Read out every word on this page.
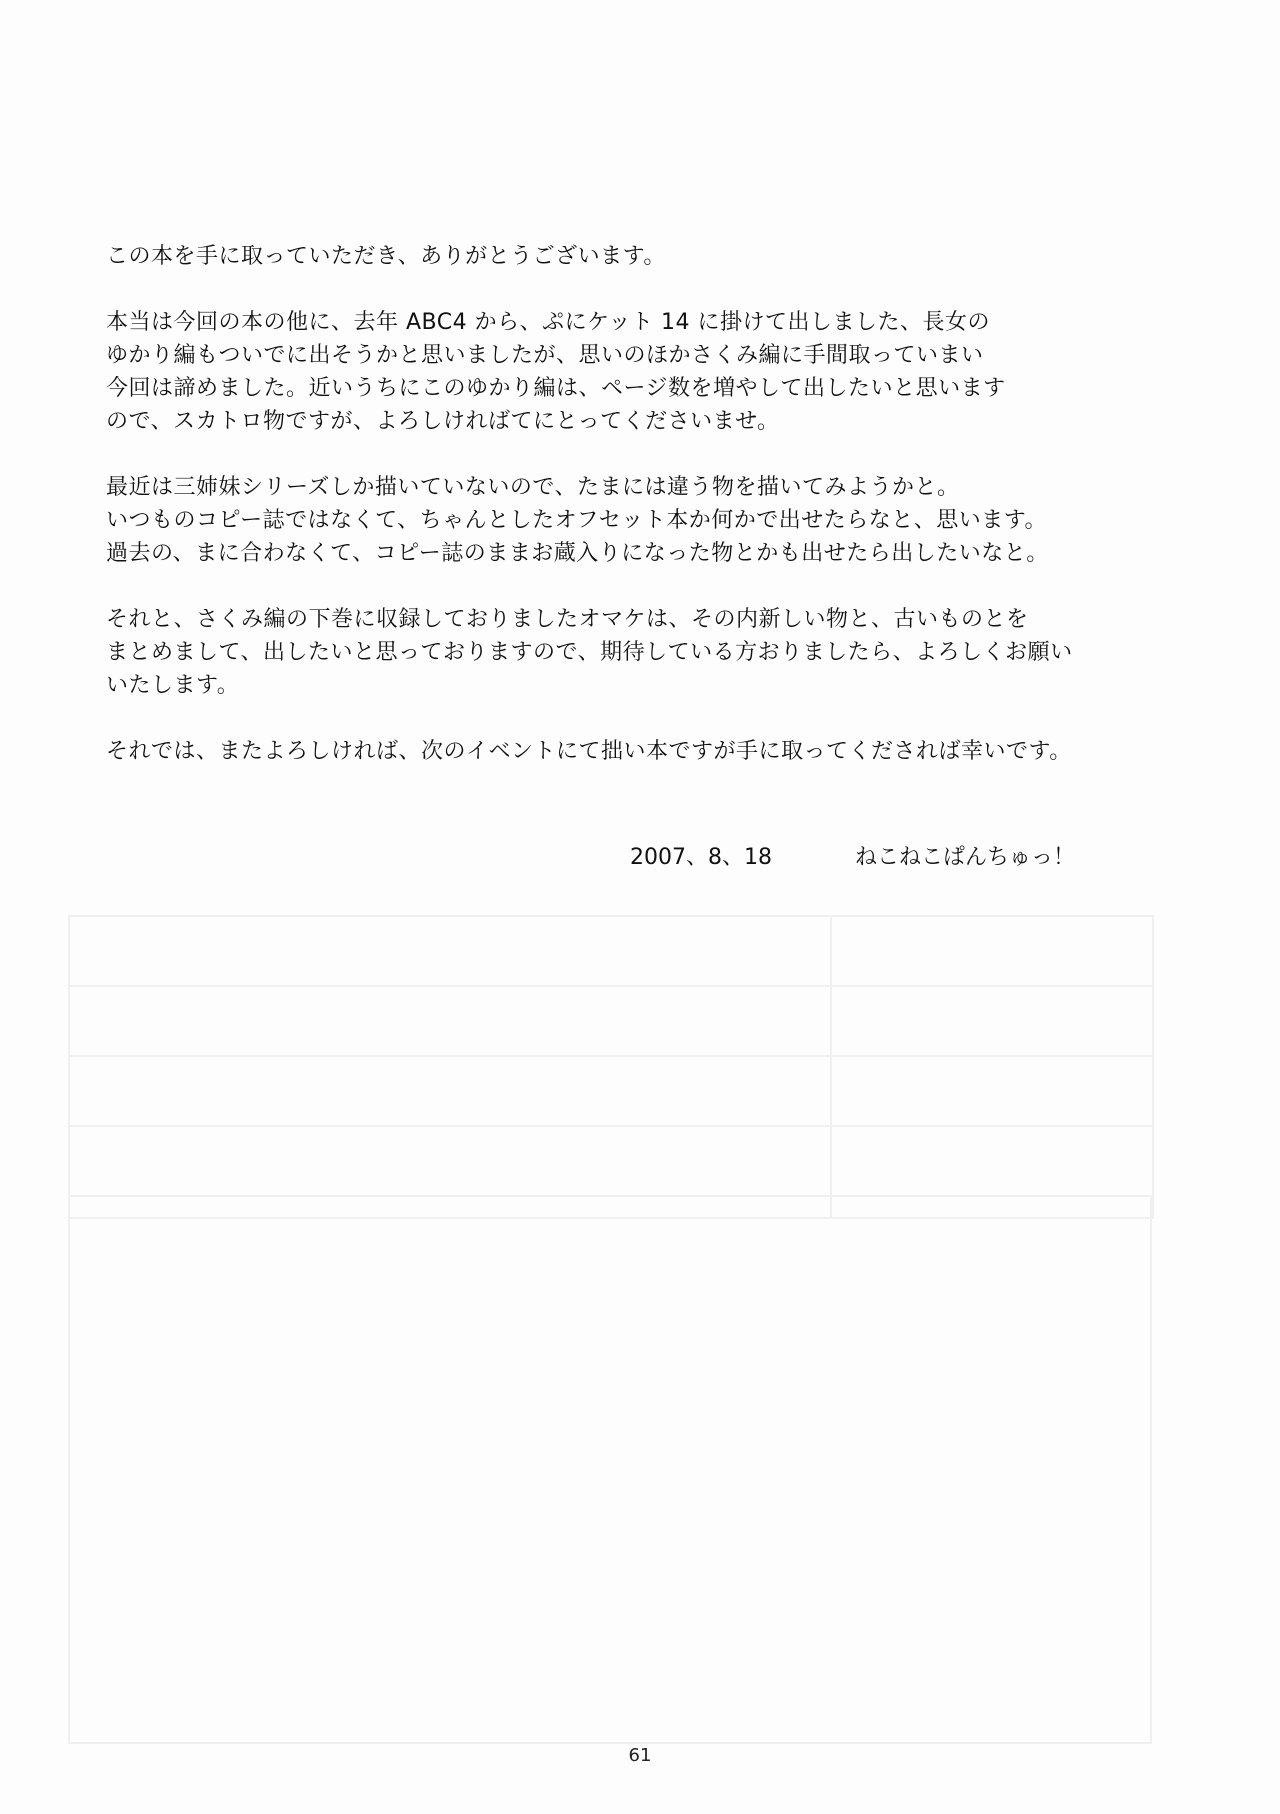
この本を手に取っていただき、ありがとうございます。
本当は今回の本の他に、去年 ABC4 から、ぷにケット 14 に掛けて出しました、長女の
ゆかり編もついでに出そうかと思いましたが、思いのほかさくみ編に手間取っていまい
今回は諦めました。近いうちにこのゆかり編は、ページ数を増やして出したいと思います
ので、スカトロ物ですが、よろしければてにとってくださいませ。
最近は三姉妹シリーズしか描いていないので、たまには違う物を描いてみようかと。
いつものコピー誌ではなくて、ちゃんとしたオフセット本か何かで出せたらなと、思います。
過去の、まに合わなくて、コピー誌のままお蔵入りになった物とかも出せたら出したいなと。
それと、さくみ編の下巻に収録しておりましたオマケは、その内新しい物と、古いものとを
まとめまして、出したいと思っておりますので、期待している方おりましたら、よろしくお願い
いたします。
それでは、またよろしければ、次のイベントにて拙い本ですが手に取ってくだされば幸いです。
2007、8、18	ねこねこぱんちゅっ！
61
